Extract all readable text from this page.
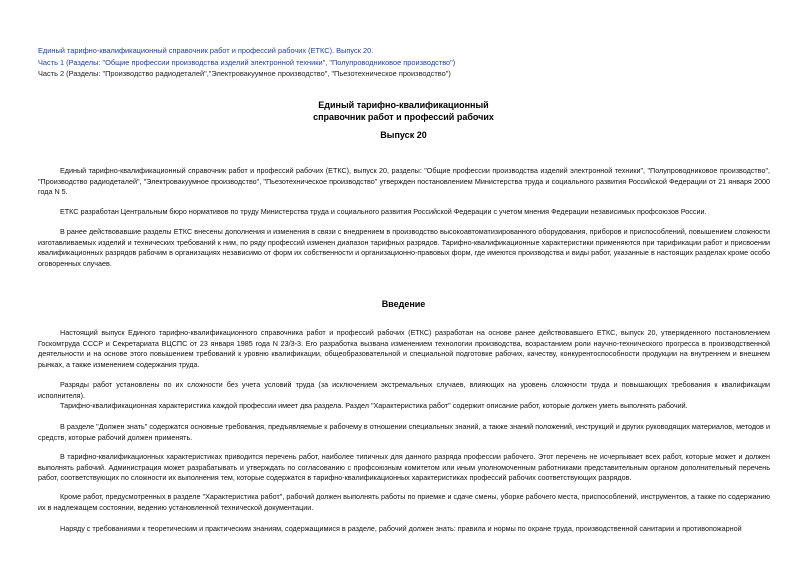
Единый тарифно-квалификационный справочник работ и профессий рабочих (ЕТКС). Выпуск 20.
Часть 1 (Разделы: "Общие профессии производства изделий электронной техники", "Полупроводниковое производство")
Часть 2 (Разделы: "Производство радиодеталей","Электровакуумное производство", "Пьезотехническое производство")
Единый тарифно-квалификационный
справочник работ и профессий рабочих
Выпуск 20

Единый тарифно-квалификационный справочник работ и профессий рабочих (ЕТКС), выпуск 20, разделы: "Общие профессии производства изделий электронной техники", "Полупроводниковое производство", "Производство радиодеталей", "Электровакуумное производство", "Пьезотехническое производство" утвержден постановлением Министерства труда и социального развития Российской Федерации от 21 января 2000 года N 5.

ЕТКС разработан Центральным бюро нормативов по труду Министерства труда и социального развития Российской Федерации с учетом мнения Федерации независимых профсоюзов России.

В ранее действовавшие разделы ЕТКС внесены дополнения и изменения в связи с внедрением в производство высокоавтоматизированного оборудования, приборов и приспособлений, повышением сложности изготавливаемых изделий и технических требований к ним, по ряду профессий изменен диапазон тарифных разрядов. Тарифно-квалификационные характеристики применяются при тарификации работ и присвоении квалификационных разрядов рабочим в организациях независимо от форм их собственности и организационно-правовых форм, где имеются производства и виды работ, указанные в настоящих разделах кроме особо оговоренных случаев.

Введение

Настоящий выпуск Единого тарифно-квалификационного справочника работ и профессий рабочих (ЕТКС) разработан на основе ранее действовавшего ЕТКС, выпуск 20, утвержденного постановлением Госкомтруда СССР и Секретариата ВЦСПС от 23 января 1985 года N 23/3-3. Его разработка вызвана изменением технологии производства, возрастанием роли научно-технического прогресса в производственной деятельности и на основе этого повышением требований к уровню квалификации, общеобразовательной и специальной подготовке рабочих, качеству, конкурентоспособности продукции на внутреннем и внешнем рынках, а также изменением содержания труда.

Разряды работ установлены по их сложности без учета условий труда (за исключением экстремальных случаев, влияющих на уровень сложности труда и повышающих требования к квалификации исполнителя).

Тарифно-квалификационная характеристика каждой профессии имеет два раздела. Раздел "Характеристика работ" содержит описание работ, которые должен уметь выполнять рабочий.

В разделе "Должен знать" содержатся основные требования, предъявляемые к рабочему в отношении специальных знаний, а также знаний положений, инструкций и других руководящих материалов, методов и средств, которые рабочий должен применять.

В тарифно-квалификационных характеристиках приводится перечень работ, наиболее типичных для данного разряда профессии рабочего. Этот перечень не исчерпывает всех работ, которые может и должен выполнять рабочий. Администрация может разрабатывать и утверждать по согласованию с профсоюзным комитетом или иным уполномоченным работниками представительным органом дополнительный перечень работ, соответствующих по сложности их выполнения тем, которые содержатся в тарифно-квалификационных характеристиках профессий рабочих соответствующих разрядов.

Кроме работ, предусмотренных в разделе "Характеристика работ", рабочий должен выполнять работы по приемке и сдаче смены, уборке рабочего места, приспособлений, инструментов, а также по содержанию их в надлежащем состоянии, ведению установленной технической документации.

Наряду с требованиями к теоретическим и практическим знаниям, содержащимися в разделе, рабочий должен знать: правила и нормы по охране труда, производственной санитарии и противопожарной
